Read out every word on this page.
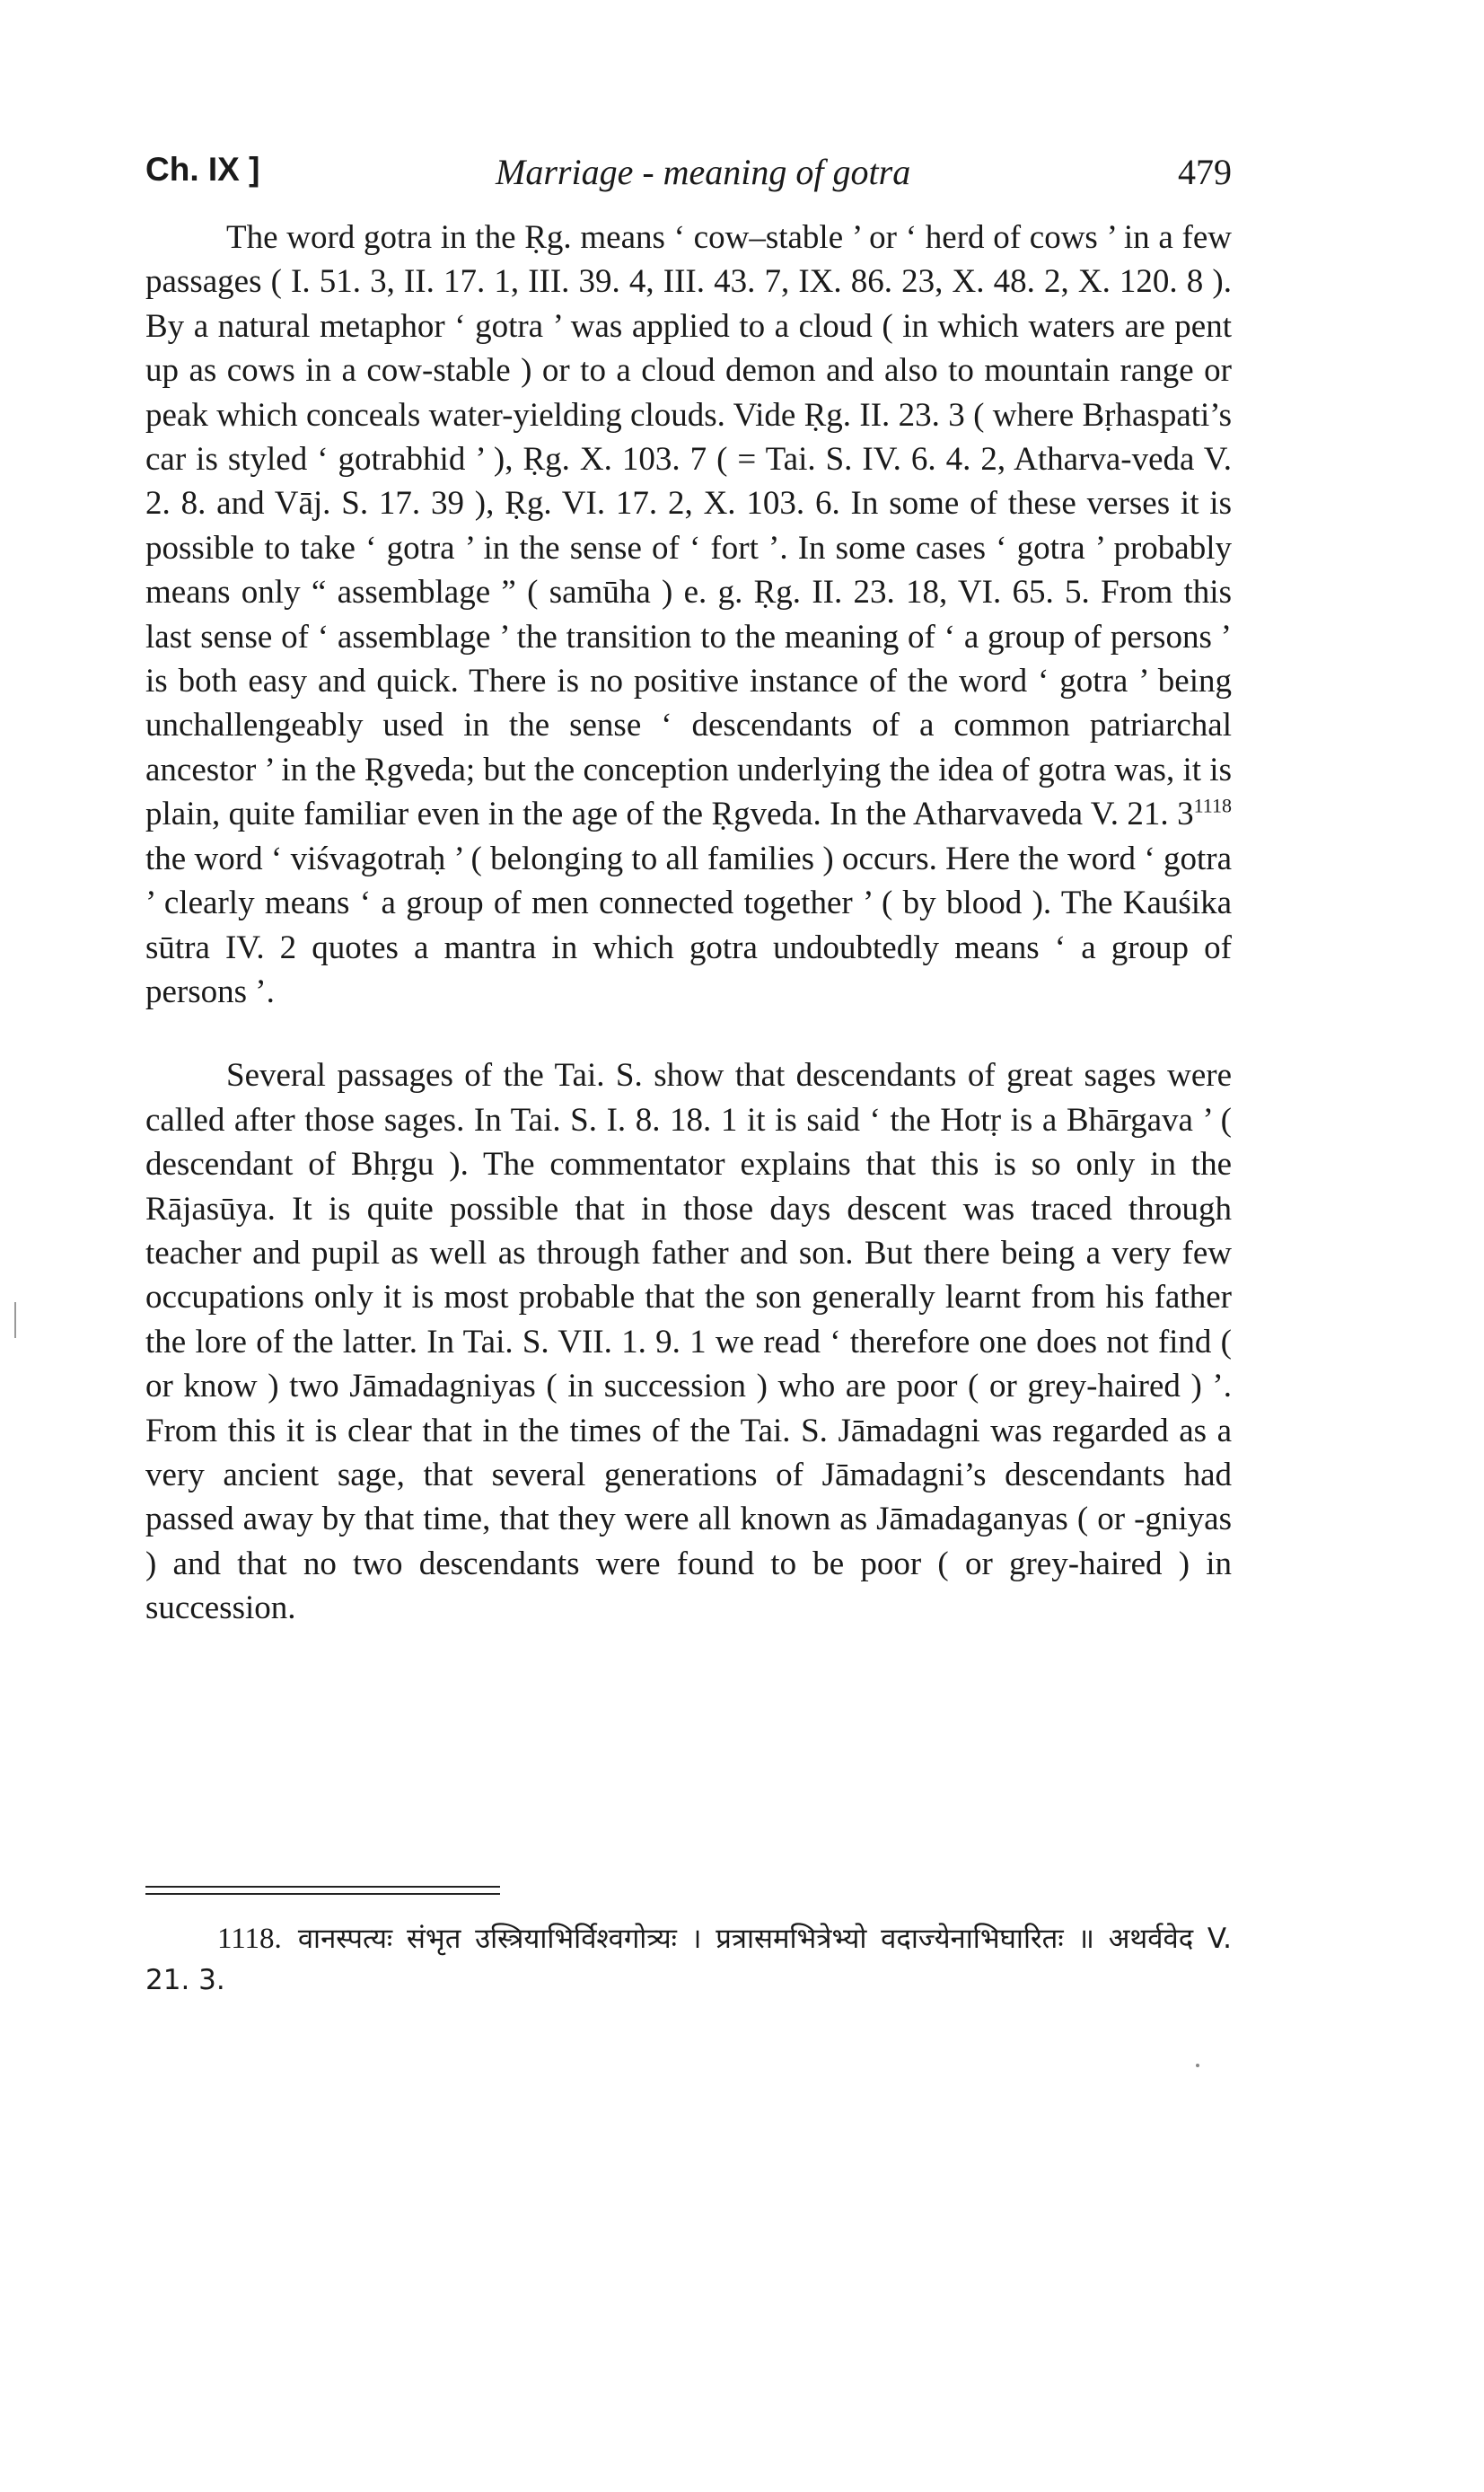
Ch. IX ]	Marriage - meaning of gotra	479

The word gotra in the Ṛg. means ‘ cow–stable ’ or ‘ herd of cows ’ in a few passages ( I. 51. 3, II. 17. 1, III. 39. 4, III. 43. 7, IX. 86. 23, X. 48. 2, X. 120. 8 ). By a natural metaphor ‘ gotra ’ was applied to a cloud ( in which waters are pent up as cows in a cow-stable ) or to a cloud demon and also to mountain range or peak which conceals water-yielding clouds. Vide Ṛg. II. 23. 3 ( where Bṛhaspati’s car is styled ‘ gotrabhid ’ ), Ṛg. X. 103. 7 ( = Tai. S. IV. 6. 4. 2, Atharva-veda V. 2. 8. and Vāj. S. 17. 39 ), Ṛg. VI. 17. 2, X. 103. 6. In some of these verses it is possible to take ‘ gotra ’ in the sense of ‘ fort ’. In some cases ‘ gotra ’ probably means only “ assemblage ” ( samūha ) e. g. Ṛg. II. 23. 18, VI. 65. 5. From this last sense of ‘ assemblage ’ the transition to the meaning of ‘ a group of persons ’ is both easy and quick. There is no positive instance of the word ‘ gotra ’ being unchallengeably used in the sense ‘ descendants of a common patriarchal ancestor ’ in the Ṛgveda; but the conception underlying the idea of gotra was, it is plain, quite familiar even in the age of the Ṛgveda. In the Atharvaveda V. 21. 3$^{1118}$ the word ‘ viśvagotraḥ ’ ( belonging to all families ) occurs. Here the word ‘ gotra ’ clearly means ‘ a group of men connected together ’ ( by blood ). The Kauśika sūtra IV. 2 quotes a mantra in which gotra undoubtedly means ‘ a group of persons ’.

Several passages of the Tai. S. show that descendants of great sages were called after those sages. In Tai. S. I. 8. 18. 1 it is said ‘ the Hotṛ is a Bhārgava ’ ( descendant of Bhṛgu ). The commentator explains that this is so only in the Rājasūya. It is quite possible that in those days descent was traced through teacher and pupil as well as through father and son. But there being a very few occupations only it is most probable that the son generally learnt from his father the lore of the latter. In Tai. S. VII. 1. 9. 1 we read ‘ therefore one does not find ( or know ) two Jāmadagniyas ( in succession ) who are poor ( or grey-haired ) ’. From this it is clear that in the times of the Tai. S. Jāmadagni was regarded as a very ancient sage, that several generations of Jāmadagni’s descendants had passed away by that time, that they were all known as Jāmadaganyas ( or -gniyas ) and that no two descendants were found to be poor ( or grey-haired ) in succession.

1118. वानस्पत्यः संभृत उस्त्रियाभिर्विश्वगोत्र्यः । प्रत्रासमभित्रेभ्यो वदाज्येनाभिघारितः ॥ अथर्ववेद V. 21. 3.
